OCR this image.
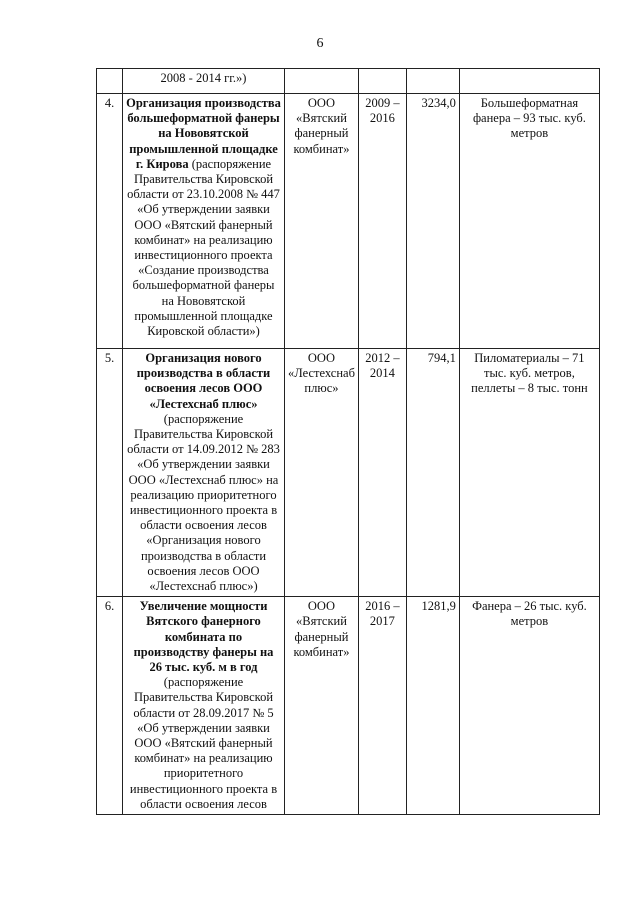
6
	2008 - 2014 гг.»)				
4.	Организация производства большеформатной фанеры на Нововятской промышленной площадке г. Кирова (распоряжение Правительства Кировской области от 23.10.2008 № 447 «Об утверждении заявки ООО «Вятский фанерный комбинат» на реализацию инвестиционного проекта «Создание производства большеформатной фанеры на Нововятской промышленной площадке Кировской области»)	ООО «Вятский фанерный комбинат»	2009 – 2016	3234,0	Большеформатная фанера – 93 тыс. куб. метров
5.	Организация нового производства в области освоения лесов ООО «Лестехснаб плюс» (распоряжение Правительства Кировской области от 14.09.2012 № 283 «Об утверждении заявки ООО «Лестехснаб плюс» на реализацию приоритетного инвестиционного проекта в области освоения лесов «Организация нового производства в области освоения лесов ООО «Лестехснаб плюс»)	ООО «Лестехснаб плюс»	2012 – 2014	794,1	Пиломатериалы – 71 тыс. куб. метров, пеллеты – 8 тыс. тонн
6.	Увеличение мощности Вятского фанерного комбината по производству фанеры на 26 тыс. куб. м в год (распоряжение Правительства Кировской области от 28.09.2017 № 5 «Об утверждении заявки ООО «Вятский фанерный комбинат» на реализацию приоритетного инвестиционного проекта в области освоения лесов	ООО «Вятский фанерный комбинат»	2016 – 2017	1281,9	Фанера – 26 тыс. куб. метров
